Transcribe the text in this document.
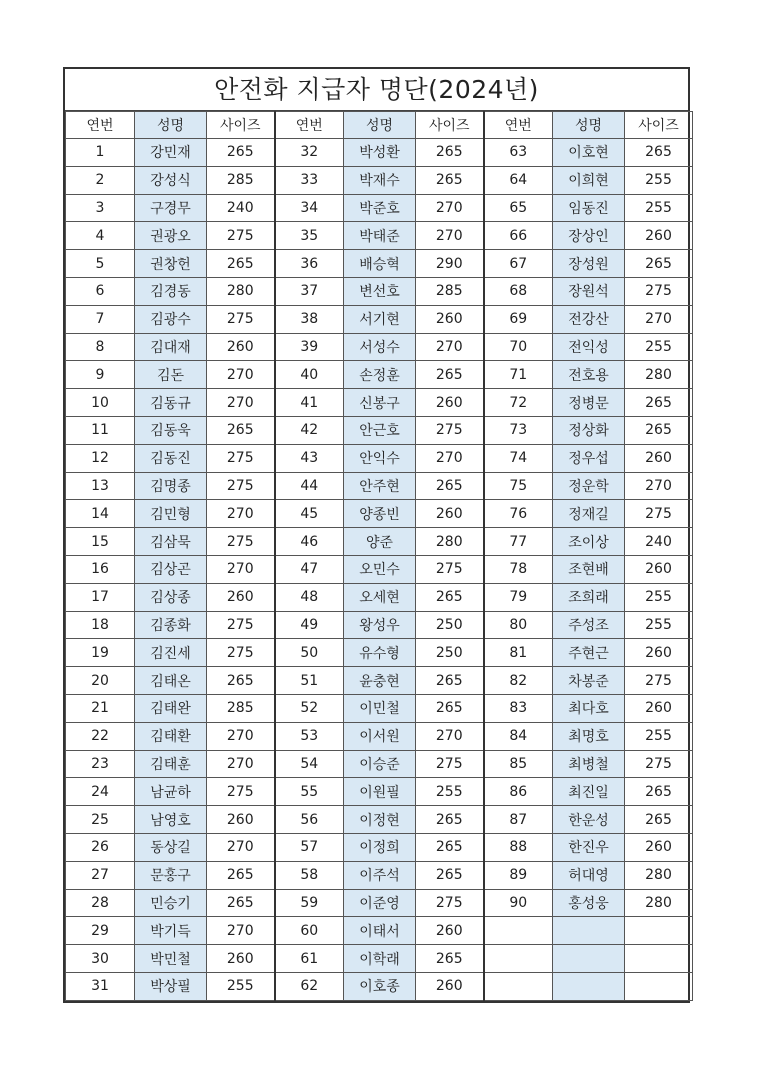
안전화 지급자 명단(2024년)
연번	성명	사이즈	연번	성명	사이즈	연번	성명	사이즈
1	강민재	265	32	박성환	265	63	이호현	265
2	강성식	285	33	박재수	265	64	이희현	255
3	구경무	240	34	박준호	270	65	임동진	255
4	권광오	275	35	박태준	270	66	장상인	260
5	권창헌	265	36	배승혁	290	67	장성원	265
6	김경동	280	37	변선호	285	68	장원석	275
7	김광수	275	38	서기현	260	69	전강산	270
8	김대재	260	39	서성수	270	70	전익성	255
9	김돈	270	40	손정훈	265	71	전호용	280
10	김동규	270	41	신봉구	260	72	정병문	265
11	김동욱	265	42	안근호	275	73	정상화	265
12	김동진	275	43	안익수	270	74	정우섭	260
13	김명종	275	44	안주현	265	75	정운학	270
14	김민형	270	45	양종빈	260	76	정재길	275
15	김삼묵	275	46	양준	280	77	조이상	240
16	김상곤	270	47	오민수	275	78	조현배	260
17	김상종	260	48	오세현	265	79	조희래	255
18	김종화	275	49	왕성우	250	80	주성조	255
19	김진세	275	50	유수형	250	81	주현근	260
20	김태온	265	51	윤충현	265	82	차봉준	275
21	김태완	285	52	이민철	265	83	최다호	260
22	김태환	270	53	이서원	270	84	최명호	255
23	김태훈	270	54	이승준	275	85	최병철	275
24	남균하	275	55	이원필	255	86	최진일	265
25	남영호	260	56	이정현	265	87	한운성	265
26	동상길	270	57	이정희	265	88	한진우	260
27	문홍구	265	58	이주석	265	89	허대영	280
28	민승기	265	59	이준영	275	90	홍성웅	280
29	박기득	270	60	이태서	260			
30	박민철	260	61	이학래	265			
31	박상필	255	62	이호종	260			
